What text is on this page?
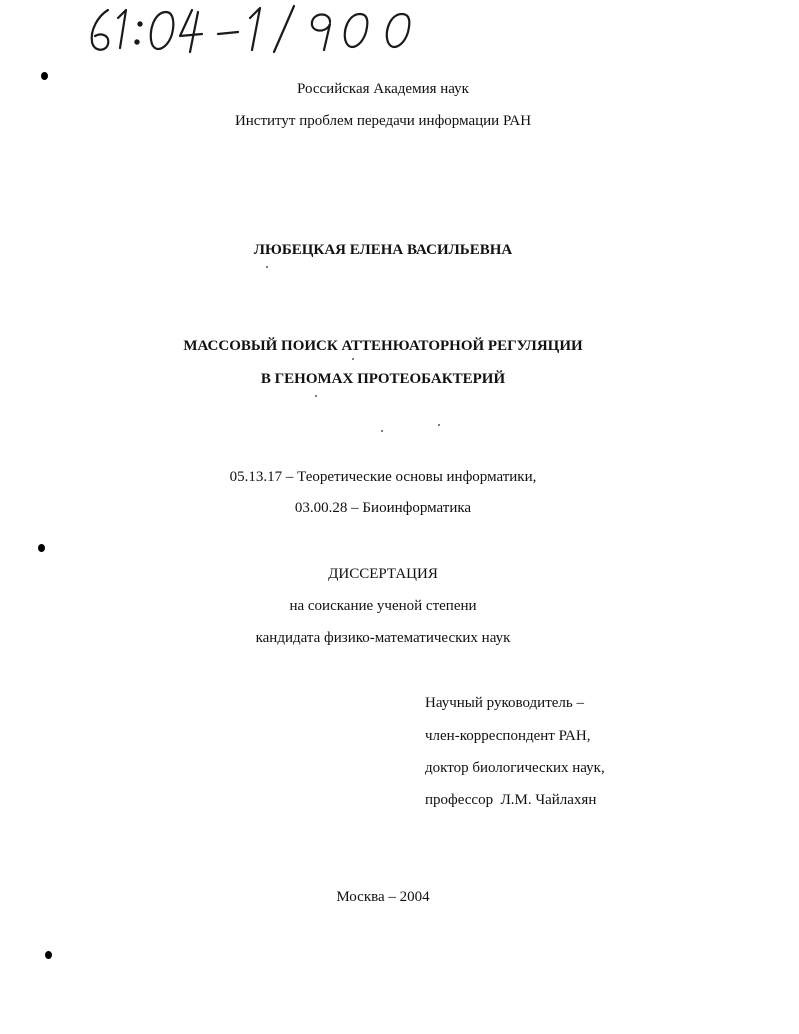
Российская Академия наук
Институт проблем передачи информации РАН
ЛЮБЕЦКАЯ ЕЛЕНА ВАСИЛЬЕВНА
МАССОВЫЙ ПОИСК АТТЕНЮАТОРНОЙ РЕГУЛЯЦИИ
В ГЕНОМАХ ПРОТЕОБАКТЕРИЙ
05.13.17 – Теоретические основы информатики,
03.00.28 – Биоинформатика
ДИССЕРТАЦИЯ
на соискание ученой степени
кандидата физико-математических наук
Научный руководитель –
член-корреспондент РАН,
доктор биологических наук,
профессор  Л.М. Чайлахян
Москва – 2004
